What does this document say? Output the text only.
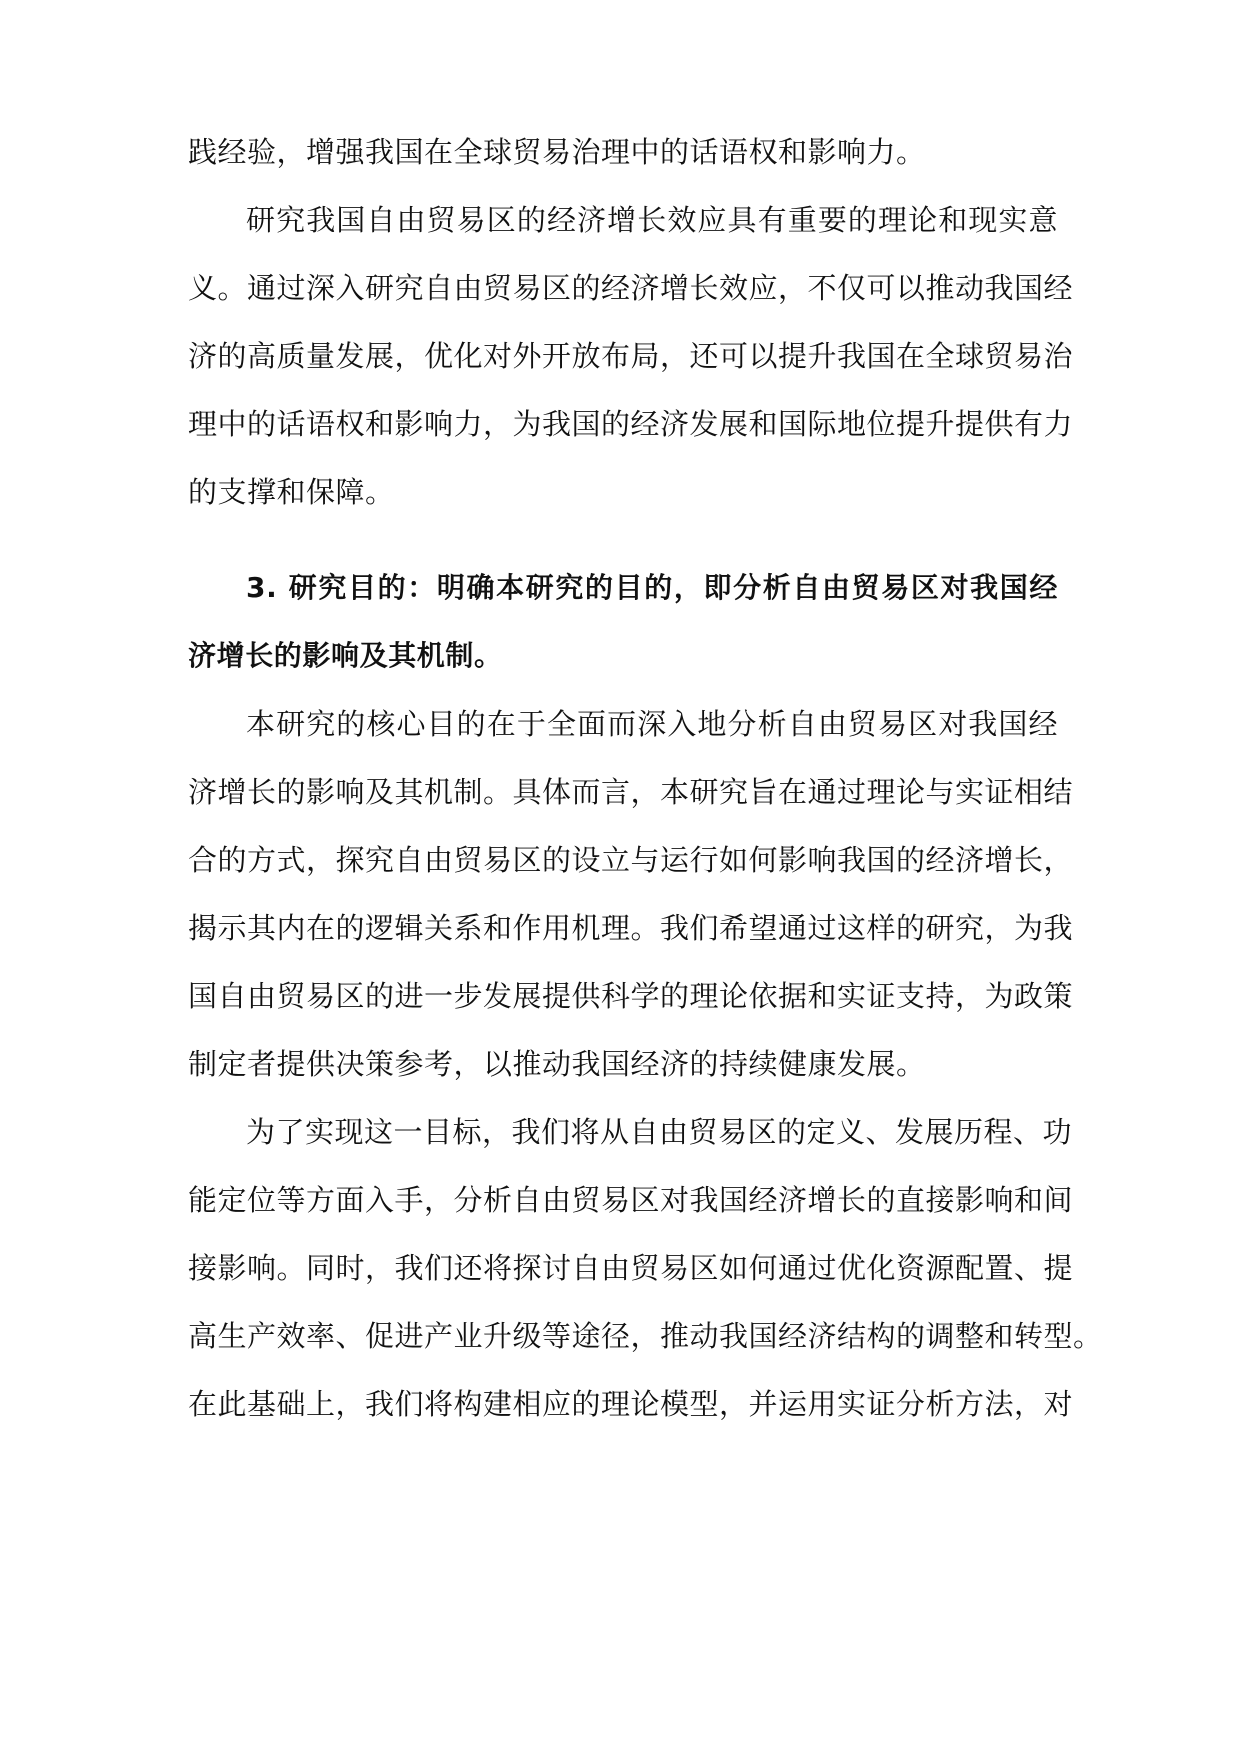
践经验，增强我国在全球贸易治理中的话语权和影响力。
研究我国自由贸易区的经济增长效应具有重要的理论和现实意
义。通过深入研究自由贸易区的经济增长效应，不仅可以推动我国经
济的高质量发展，优化对外开放布局，还可以提升我国在全球贸易治
理中的话语权和影响力，为我国的经济发展和国际地位提升提供有力
的支撑和保障。
3. 研究目的：明确本研究的目的，即分析自由贸易区对我国经
济增长的影响及其机制。
本研究的核心目的在于全面而深入地分析自由贸易区对我国经
济增长的影响及其机制。具体而言，本研究旨在通过理论与实证相结
合的方式，探究自由贸易区的设立与运行如何影响我国的经济增长，
揭示其内在的逻辑关系和作用机理。我们希望通过这样的研究，为我
国自由贸易区的进一步发展提供科学的理论依据和实证支持，为政策
制定者提供决策参考，以推动我国经济的持续健康发展。
为了实现这一目标，我们将从自由贸易区的定义、发展历程、功
能定位等方面入手，分析自由贸易区对我国经济增长的直接影响和间
接影响。同时，我们还将探讨自由贸易区如何通过优化资源配置、提
高生产效率、促进产业升级等途径，推动我国经济结构的调整和转型。
在此基础上，我们将构建相应的理论模型，并运用实证分析方法，对
